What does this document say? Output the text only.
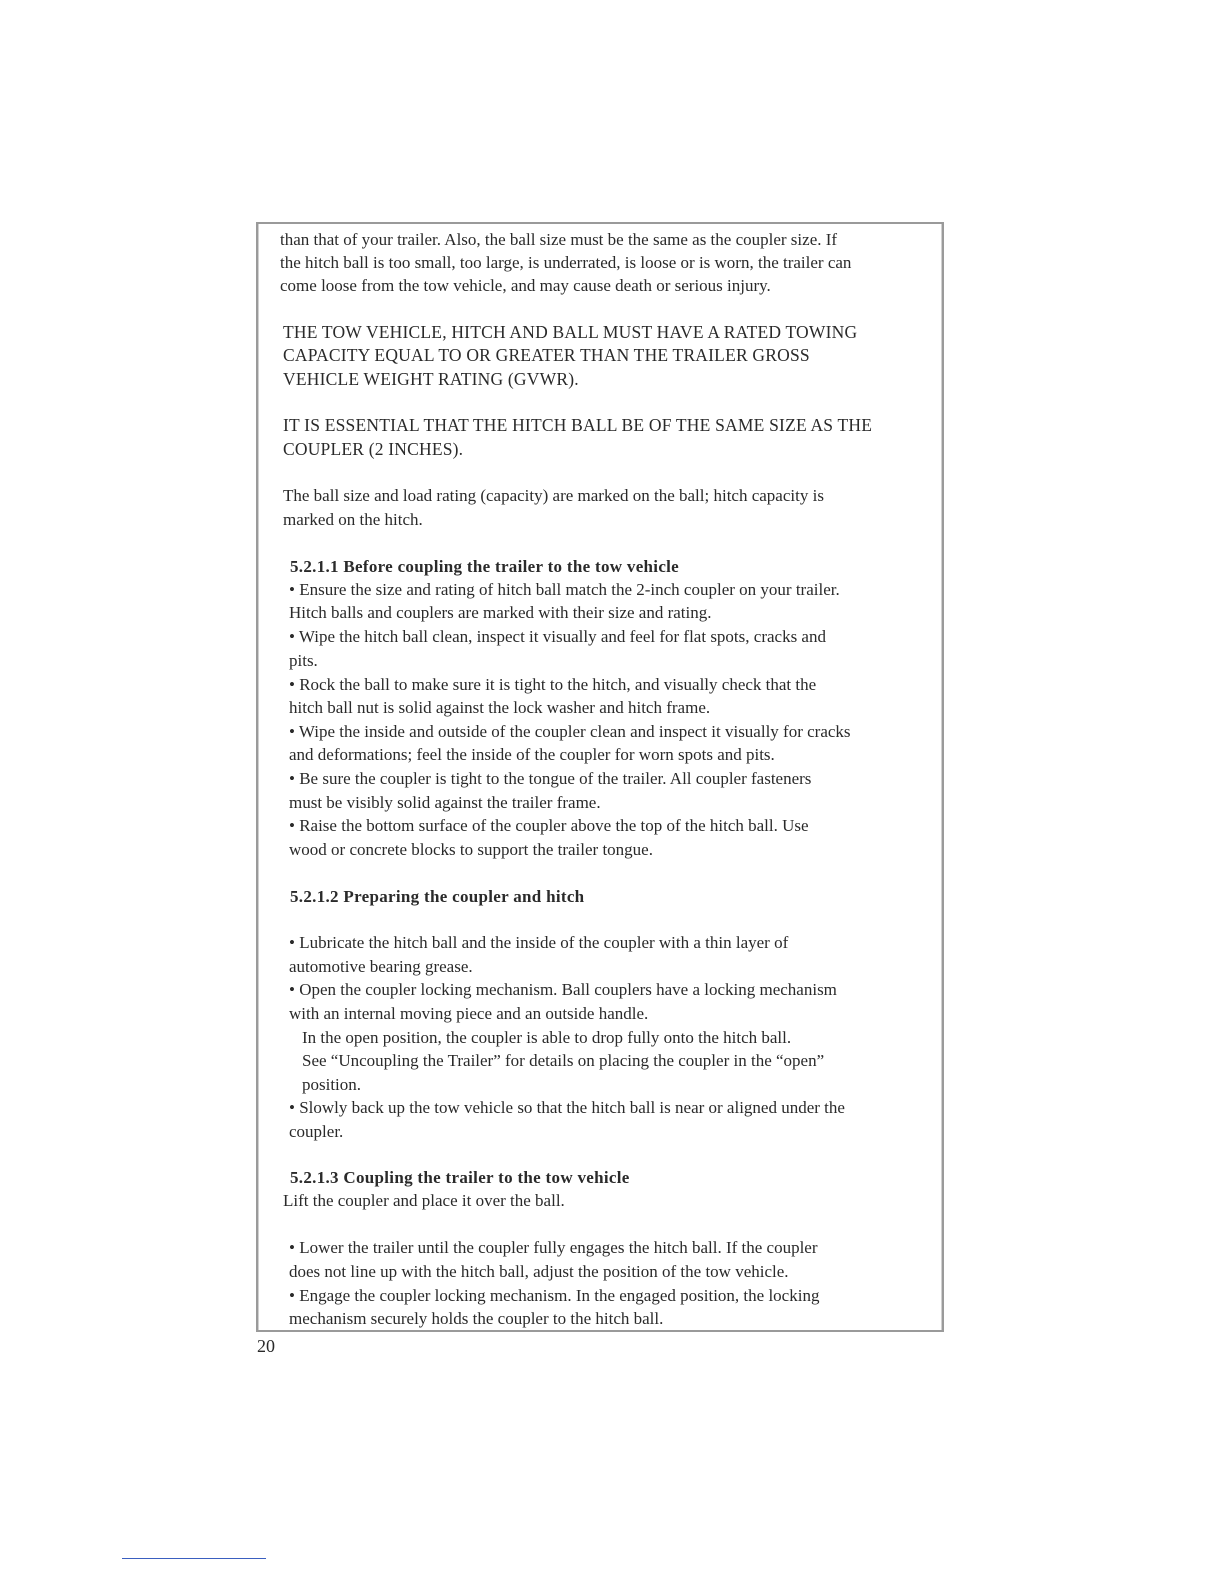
than that of your trailer. Also, the ball size must be the same as the coupler size. If
the hitch ball is too small, too large, is underrated, is loose or is worn, the trailer can
come loose from the tow vehicle, and may cause death or serious injury.
THE TOW VEHICLE, HITCH AND BALL MUST HAVE A RATED TOWING
CAPACITY EQUAL TO OR GREATER THAN THE TRAILER GROSS
VEHICLE WEIGHT RATING (GVWR).
IT IS ESSENTIAL THAT THE HITCH BALL BE OF THE SAME SIZE AS THE
COUPLER (2 INCHES).
The ball size and load rating (capacity) are marked on the ball; hitch capacity is
marked on the hitch.
5.2.1.1 Before coupling the trailer to the tow vehicle
• Ensure the size and rating of hitch ball match the 2-inch coupler on your trailer.
Hitch balls and couplers are marked with their size and rating.
• Wipe the hitch ball clean, inspect it visually and feel for flat spots, cracks and
pits.
• Rock the ball to make sure it is tight to the hitch, and visually check that the
hitch ball nut is solid against the lock washer and hitch frame.
• Wipe the inside and outside of the coupler clean and inspect it visually for cracks
and deformations; feel the inside of the coupler for worn spots and pits.
• Be sure the coupler is tight to the tongue of the trailer. All coupler fasteners
must be visibly solid against the trailer frame.
• Raise the bottom surface of the coupler above the top of the hitch ball. Use
wood or concrete blocks to support the trailer tongue.
5.2.1.2 Preparing the coupler and hitch
• Lubricate the hitch ball and the inside of the coupler with a thin layer of
automotive bearing grease.
• Open the coupler locking mechanism. Ball couplers have a locking mechanism
with an internal moving piece and an outside handle.
In the open position, the coupler is able to drop fully onto the hitch ball.
See “Uncoupling the Trailer” for details on placing the coupler in the “open”
position.
• Slowly back up the tow vehicle so that the hitch ball is near or aligned under the
coupler.
5.2.1.3 Coupling the trailer to the tow vehicle
Lift the coupler and place it over the ball.
• Lower the trailer until the coupler fully engages the hitch ball. If the coupler
does not line up with the hitch ball, adjust the position of the tow vehicle.
• Engage the coupler locking mechanism. In the engaged position, the locking
mechanism securely holds the coupler to the hitch ball.
20
